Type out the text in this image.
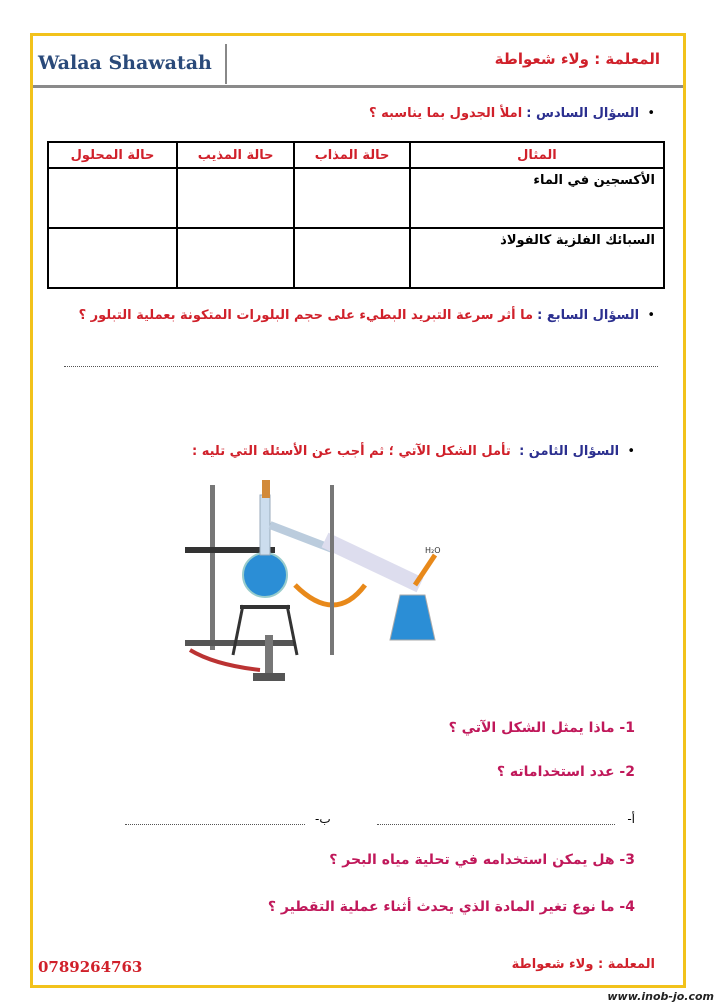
Walaa Shawatah	المعلمة : ولاء شعواطة
•  السؤال السادس : املأ الجدول بما يناسبه ؟
المثال	حالة المذاب	حالة المذيب	حالة المحلول
الأكسجين في الماء			
السبائك الفلزية كالفولاذ			
•  السؤال السابع : ما أثر سرعة التبريد البطيء على حجم البلورات المتكونة بعملية التبلور ؟
•  السؤال الثامن :  تأمل الشكل الآتي ؛ ثم أجب عن الأسئلة التي تليه :
H₂O
1- ماذا يمثل الشكل الآتي ؟
2- عدد استخداماته ؟
أ-
ب-
3- هل يمكن استخدامه في تحلية مياه البحر ؟
4- ما نوع تغير المادة الذي يحدث أثناء عملية التقطير ؟
0789264763	المعلمة : ولاء شعواطة
www.inob-jo.com
